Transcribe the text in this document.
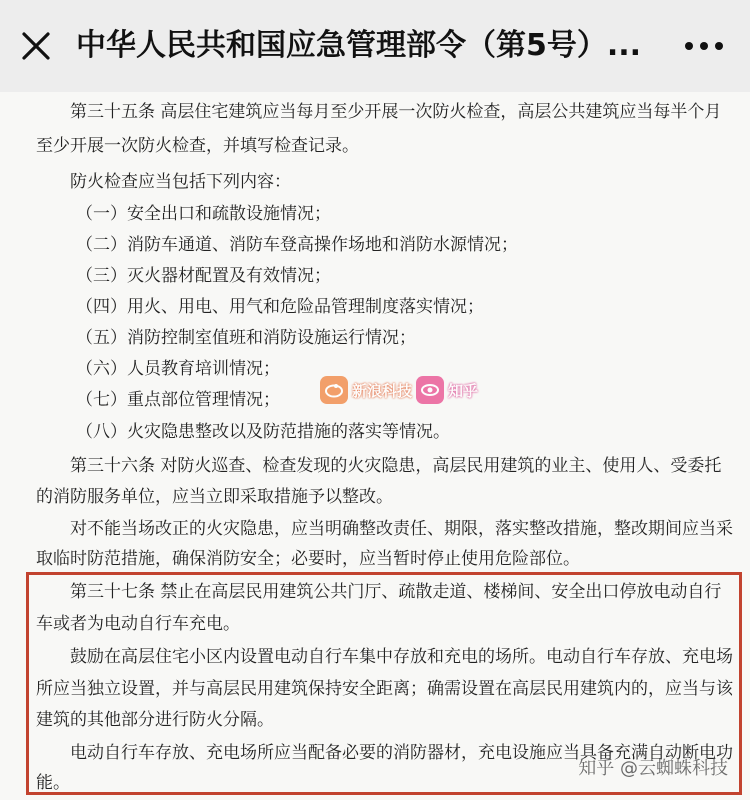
中华人民共和国应急管理部令（第5号）...
第三十五条 高层住宅建筑应当每月至少开展一次防火检查，高层公共建筑应当每半个月
至少开展一次防火检查，并填写检查记录。
防火检查应当包括下列内容：
（一）安全出口和疏散设施情况；
（二）消防车通道、消防车登高操作场地和消防水源情况；
（三）灭火器材配置及有效情况；
（四）用火、用电、用气和危险品管理制度落实情况；
（五）消防控制室值班和消防设施运行情况；
（六）人员教育培训情况；
（七）重点部位管理情况；
（八）火灾隐患整改以及防范措施的落实等情况。
第三十六条 对防火巡查、检查发现的火灾隐患，高层民用建筑的业主、使用人、受委托
的消防服务单位，应当立即采取措施予以整改。
对不能当场改正的火灾隐患，应当明确整改责任、期限，落实整改措施，整改期间应当采
取临时防范措施，确保消防安全；必要时，应当暂时停止使用危险部位。
第三十七条 禁止在高层民用建筑公共门厅、疏散走道、楼梯间、安全出口停放电动自行
车或者为电动自行车充电。
鼓励在高层住宅小区内设置电动自行车集中存放和充电的场所。电动自行车存放、充电场
所应当独立设置，并与高层民用建筑保持安全距离；确需设置在高层民用建筑内的，应当与该
建筑的其他部分进行防火分隔。
电动自行车存放、充电场所应当配备必要的消防器材，充电设施应当具备充满自动断电功
能。
新浪科技 知乎
知乎 @云蜘蛛科技
